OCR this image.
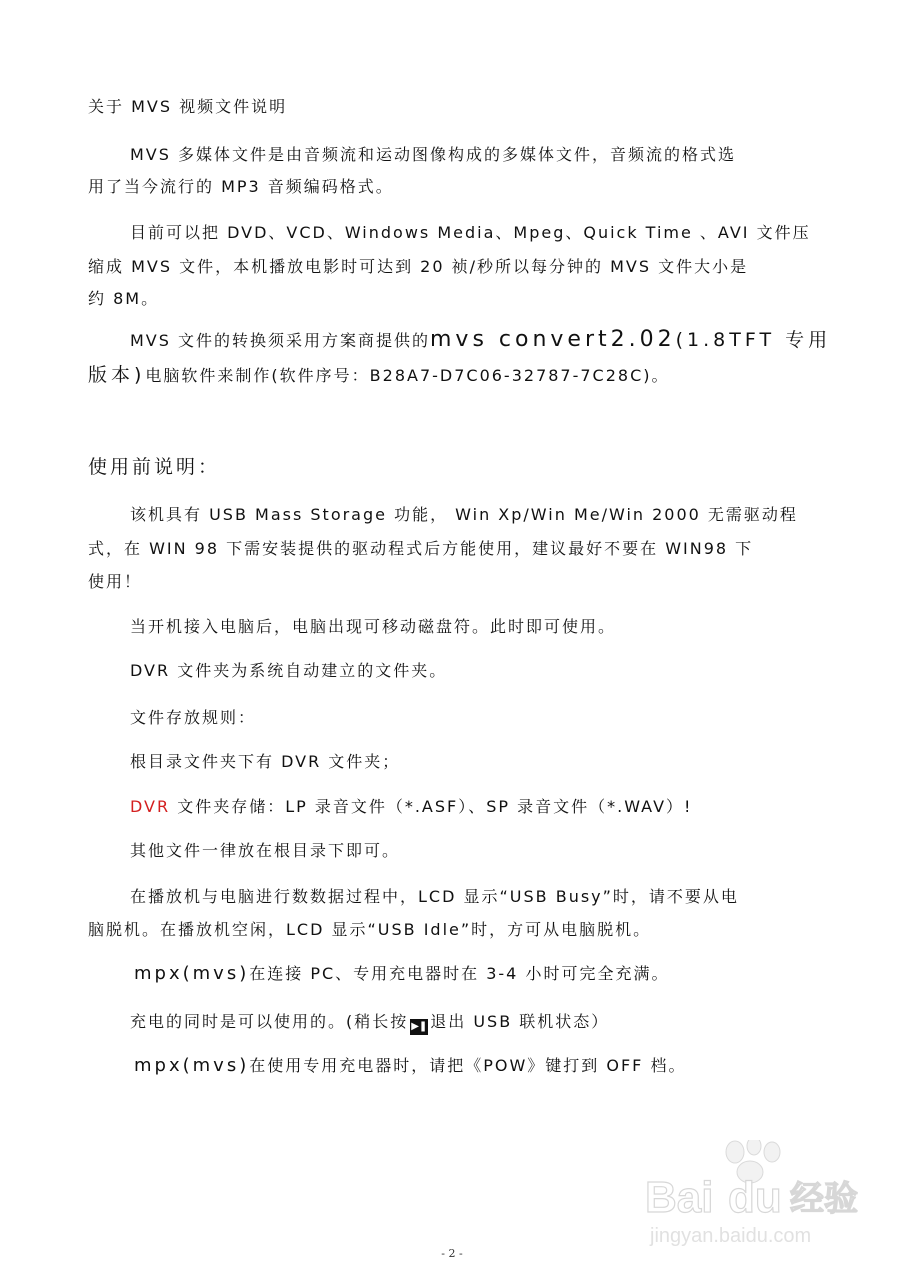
关于 MVS 视频文件说明
MVS 多媒体文件是由音频流和运动图像构成的多媒体文件，音频流的格式选
用了当今流行的 MP3 音频编码格式。
目前可以把 DVD、VCD、Windows Media、Mpeg、Quick Time 、AVI 文件压
缩成 MVS 文件，本机播放电影时可达到 20 祯/秒所以每分钟的 MVS 文件大小是
约 8M。
MVS 文件的转换须采用方案商提供的mvs convert2.02(1.8TFT 专用
版本)电脑软件来制作(软件序号：B28A7-D7C06-32787-7C28C)。
使用前说明：
该机具有 USB Mass Storage 功能， Win Xp/Win Me/Win 2000 无需驱动程
式，在 WIN 98 下需安装提供的驱动程式后方能使用，建议最好不要在 WIN98 下
使用！
当开机接入电脑后，电脑出现可移动磁盘符。此时即可使用。
DVR 文件夹为系统自动建立的文件夹。
文件存放规则：
根目录文件夹下有 DVR 文件夹；
DVR 文件夹存储：LP 录音文件（*.ASF）、SP 录音文件（*.WAV）!
其他文件一律放在根目录下即可。
在播放机与电脑进行数数据过程中，LCD 显示“USB Busy”时，请不要从电
脑脱机。在播放机空闲，LCD 显示“USB Idle”时，方可从电脑脱机。
mpx(mvs)在连接 PC、专用充电器时在 3-4 小时可完全充满。
充电的同时是可以使用的。(稍长按 ▶❚ 退出 USB 联机状态）
mpx(mvs)在使用专用充电器时，请把《POW》键打到 OFF 档。
Bai du 经验
jingyan.baidu.com
- 2 -
